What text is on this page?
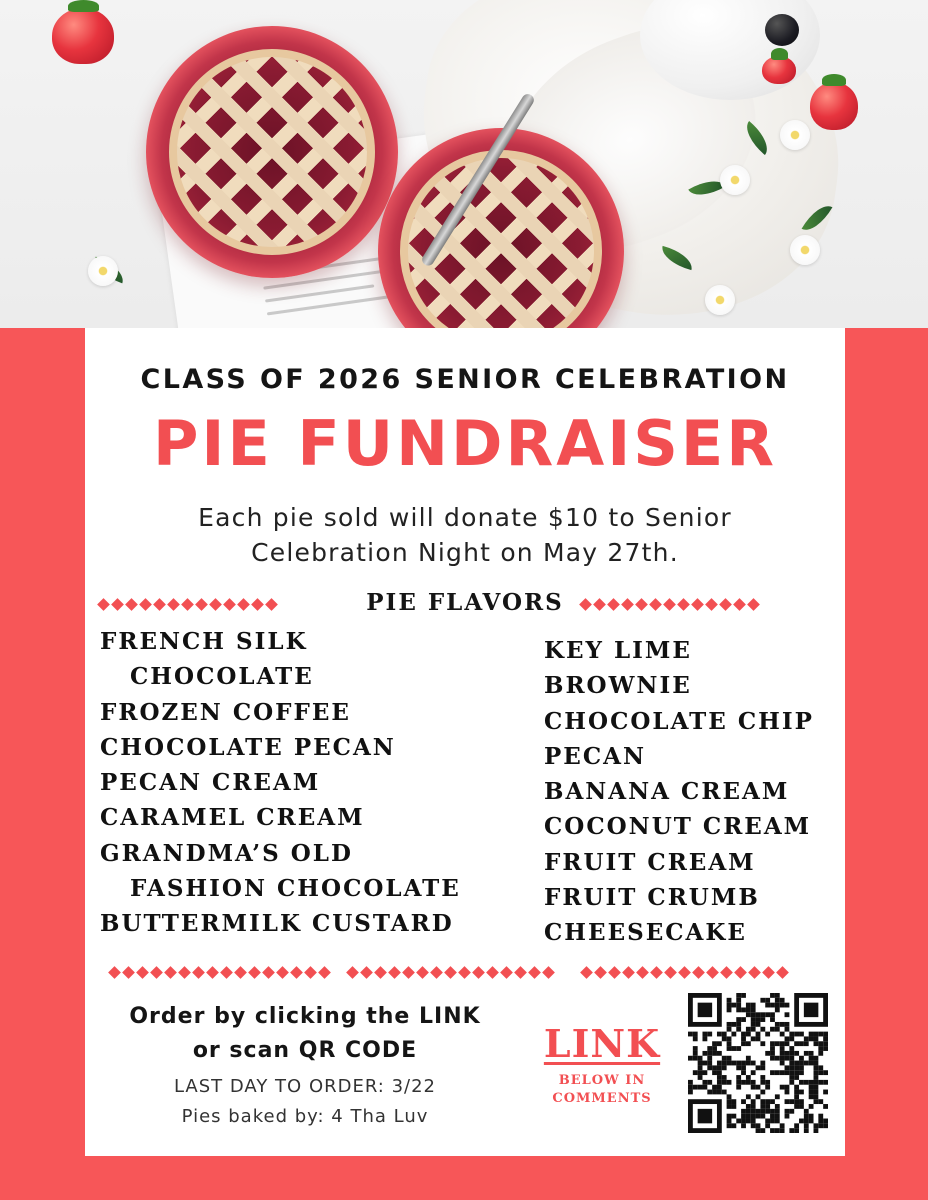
CLASS OF 2026 SENIOR CELEBRATION
PIE FUNDRAISER
Each pie sold will donate $10 to Senior
Celebration Night on May 27th.
PIE FLAVORS
FRENCH SILK
CHOCOLATE
FROZEN COFFEE
CHOCOLATE PECAN
PECAN CREAM
CARAMEL CREAM
GRANDMA’S OLD
FASHION CHOCOLATE
BUTTERMILK CUSTARD
KEY LIME
BROWNIE
CHOCOLATE CHIP
PECAN
BANANA CREAM
COCONUT CREAM
FRUIT CREAM
FRUIT CRUMB
CHEESECAKE
Order by clicking the LINK
or scan QR CODE
LAST DAY TO ORDER: 3/22
Pies baked by: 4 Tha Luv
LINK
BELOW IN
COMMENTS
